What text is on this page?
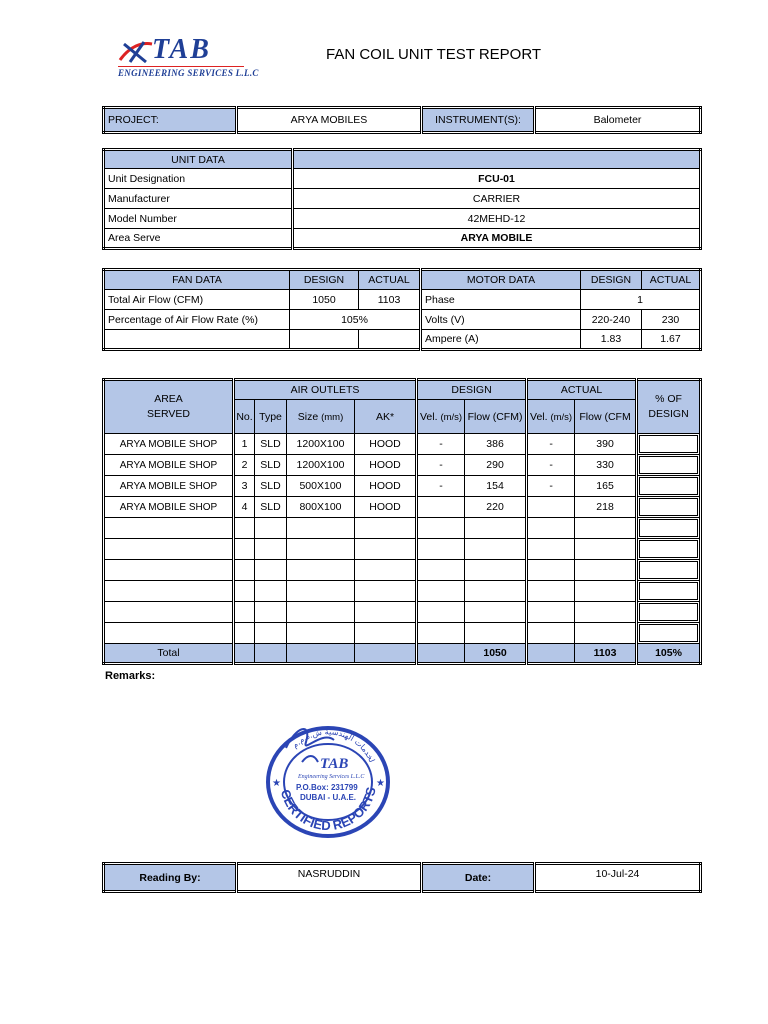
TAB
ENGINEERING SERVICES L.L.C
FAN COIL UNIT TEST REPORT
PROJECT:	ARYA MOBILES	INSTRUMENT(S):	Balometer
UNIT DATA	
Unit Designation	FCU-01
Manufacturer	CARRIER
Model Number	42MEHD-12
Area Serve	ARYA MOBILE
FAN DATA	DESIGN	ACTUAL	MOTOR DATA	DESIGN	ACTUAL
Total Air Flow (CFM)	1050	1103	Phase	1	
Percentage of Air Flow Rate (%)	105%		Volts (V)	220-240	230
			Ampere (A)	1.83	1.67
AREA
SERVED	AIR OUTLETS				DESIGN		ACTUAL		% OF
DESIGN
	No.	Type	Size (mm)	AK*	Vel. (m/s)	Flow (CFM)	Vel. (m/s)	Flow (CFM	
ARYA MOBILE SHOP	1	SLD	1200X100	HOOD	-	386	-	390	

ARYA MOBILE SHOP	2	SLD	1200X100	HOOD	-	290	-	330	

ARYA MOBILE SHOP	3	SLD	500X100	HOOD	-	154	-	165	

ARYA MOBILE SHOP	4	SLD	800X100	HOOD		220		218	

Total						1050		1103	105%
Remarks:
CERTIFIED REPORTS
لخدمات الهندسية ش.ذ.م.م
★	★
TAB
Engineering Services L.L.C
P.O.Box: 231799
DUBAI - U.A.E.
Reading By:	NASRUDDIN	Date:	10-Jul-24
